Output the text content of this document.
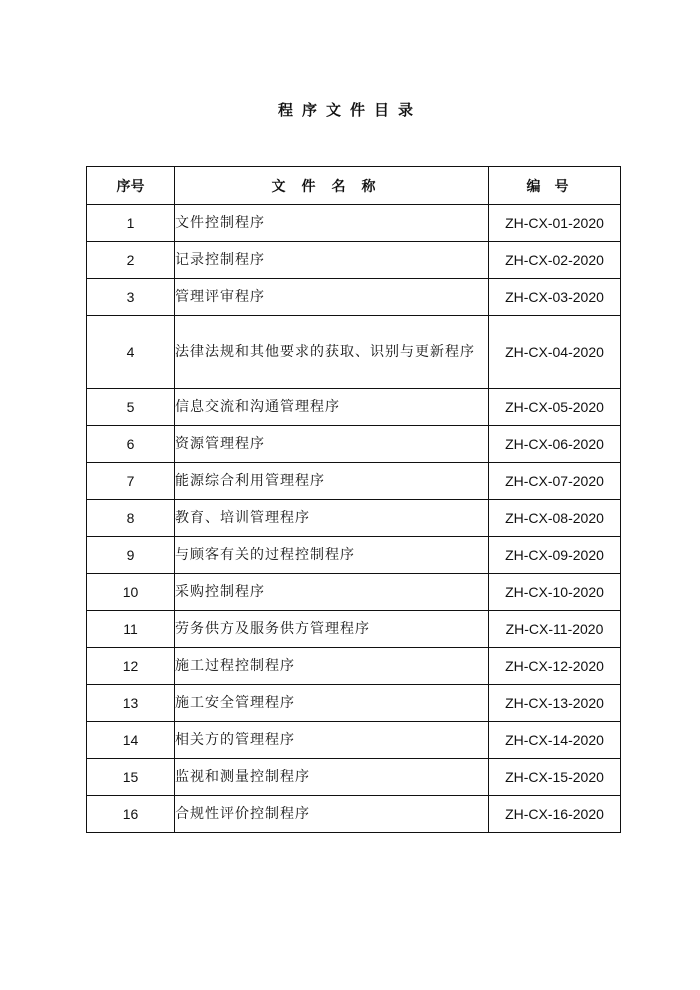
程序文件目录
序号	文件名称	编号
1	文件控制程序	ZH-CX-01-2020
2	记录控制程序	ZH-CX-02-2020
3	管理评审程序	ZH-CX-03-2020
4	法律法规和其他要求的获取、识别与更新程序	ZH-CX-04-2020
5	信息交流和沟通管理程序	ZH-CX-05-2020
6	资源管理程序	ZH-CX-06-2020
7	能源综合利用管理程序	ZH-CX-07-2020
8	教育、培训管理程序	ZH-CX-08-2020
9	与顾客有关的过程控制程序	ZH-CX-09-2020
10	采购控制程序	ZH-CX-10-2020
11	劳务供方及服务供方管理程序	ZH-CX-11-2020
12	施工过程控制程序	ZH-CX-12-2020
13	施工安全管理程序	ZH-CX-13-2020
14	相关方的管理程序	ZH-CX-14-2020
15	监视和测量控制程序	ZH-CX-15-2020
16	合规性评价控制程序	ZH-CX-16-2020
